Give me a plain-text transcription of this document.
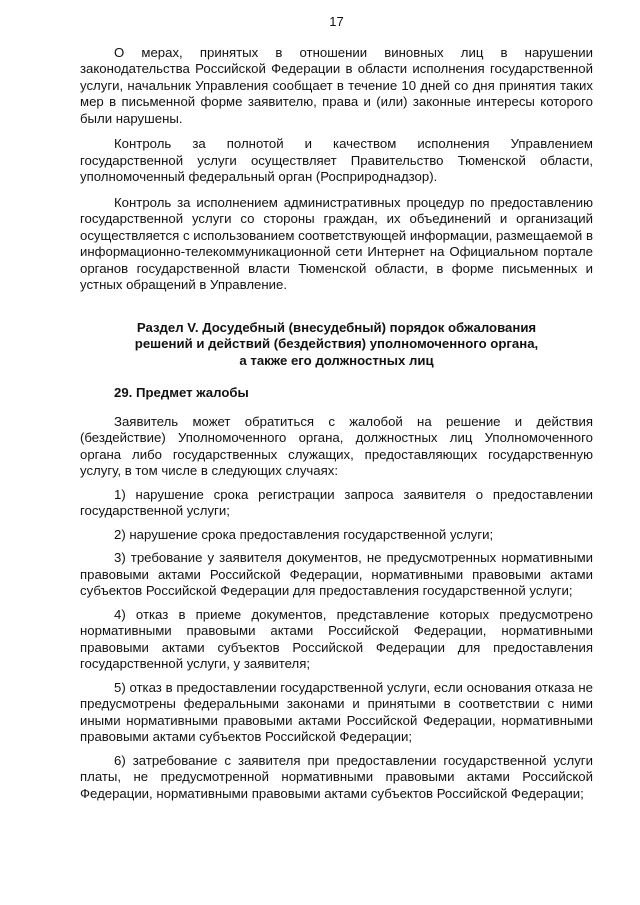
17

О мерах, принятых в отношении виновных лиц в нарушении законодательства Российской Федерации в области исполнения государственной услуги, начальник Управления сообщает в течение 10 дней со дня принятия таких мер в письменной форме заявителю, права и (или) законные интересы которого были нарушены.

Контроль за полнотой и качеством исполнения Управлением государственной услуги осуществляет Правительство Тюменской области, уполномоченный федеральный орган (Росприроднадзор).

Контроль за исполнением административных процедур по предоставлению государственной услуги со стороны граждан, их объединений и организаций осуществляется с использованием соответствующей информации, размещаемой в информационно-телекоммуникационной сети Интернет на Официальном портале органов государственной власти Тюменской области, в форме письменных и устных обращений в Управление.

Раздел V. Досудебный (внесудебный) порядок обжалования
решений и действий (бездействия) уполномоченного органа,
а также его должностных лиц
29. Предмет жалобы

Заявитель может обратиться с жалобой на решение и действия (бездействие) Уполномоченного органа, должностных лиц Уполномоченного органа либо государственных служащих, предоставляющих государственную услугу, в том числе в следующих случаях:

1) нарушение срока регистрации запроса заявителя о предоставлении государственной услуги;

2) нарушение срока предоставления государственной услуги;

3) требование у заявителя документов, не предусмотренных нормативными правовыми актами Российской Федерации, нормативными правовыми актами субъектов Российской Федерации для предоставления государственной услуги;

4) отказ в приеме документов, представление которых предусмотрено нормативными правовыми актами Российской Федерации, нормативными правовыми актами субъектов Российской Федерации для предоставления государственной услуги, у заявителя;

5) отказ в предоставлении государственной услуги, если основания отказа не предусмотрены федеральными законами и принятыми в соответствии с ними иными нормативными правовыми актами Российской Федерации, нормативными правовыми актами субъектов Российской Федерации;

6) затребование с заявителя при предоставлении государственной услуги платы, не предусмотренной нормативными правовыми актами Российской Федерации, нормативными правовыми актами субъектов Российской Федерации;
